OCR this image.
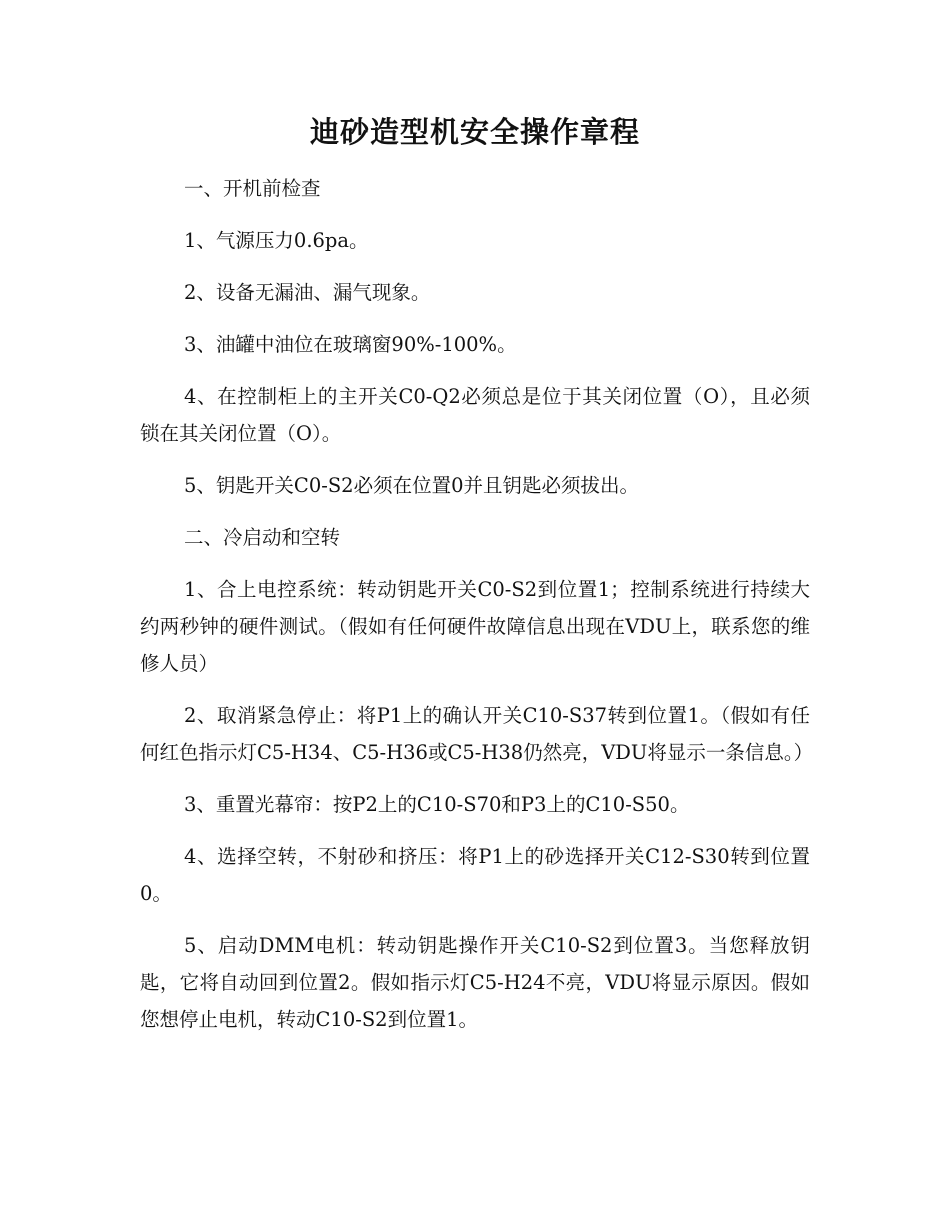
迪砂造型机安全操作章程

一、开机前检查

1、气源压力0.6pa。

2、设备无漏油、漏气现象。

3、油罐中油位在玻璃窗90%-100%。

4、在控制柜上的主开关C0-Q2必须总是位于其关闭位置（O），且必须锁在其关闭位置（O）。

5、钥匙开关C0-S2必须在位置0并且钥匙必须拔出。

二、冷启动和空转

1、合上电控系统：转动钥匙开关C0-S2到位置1；控制系统进行持续大约两秒钟的硬件测试。（假如有任何硬件故障信息出现在VDU上，联系您的维修人员）

2、取消紧急停止：将P1上的确认开关C10-S37转到位置1。（假如有任何红色指示灯C5-H34、C5-H36或C5-H38仍然亮，VDU将显示一条信息。）

3、重置光幕帘：按P2上的C10-S70和P3上的C10-S50。

4、选择空转，不射砂和挤压：将P1上的砂选择开关C12-S30转到位置0。

5、启动DMM电机：转动钥匙操作开关C10-S2到位置3。当您释放钥匙，它将自动回到位置2。假如指示灯C5-H24不亮，VDU将显示原因。假如您想停止电机，转动C10-S2到位置1。
